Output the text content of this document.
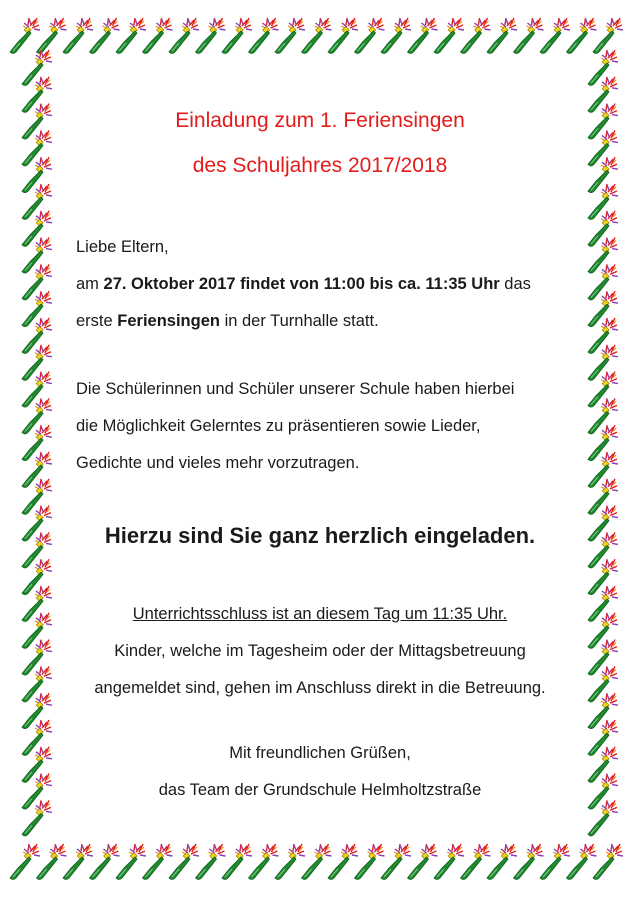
Einladung zum 1. Feriensingen
des Schuljahres 2017/2018
Liebe Eltern,
am 27. Oktober 2017 findet von 11:00 bis ca. 11:35 Uhr das
erste Feriensingen in der Turnhalle statt.
Die Schülerinnen und Schüler unserer Schule haben hierbei
die Möglichkeit Gelerntes zu präsentieren sowie Lieder,
Gedichte und vieles mehr vorzutragen.
Hierzu sind Sie ganz herzlich eingeladen.
Unterrichtsschluss ist an diesem Tag um 11:35 Uhr.
Kinder, welche im Tagesheim oder der Mittagsbetreuung
angemeldet sind, gehen im Anschluss direkt in die Betreuung.
Mit freundlichen Grüßen,
das Team der Grundschule Helmholtzstraße
